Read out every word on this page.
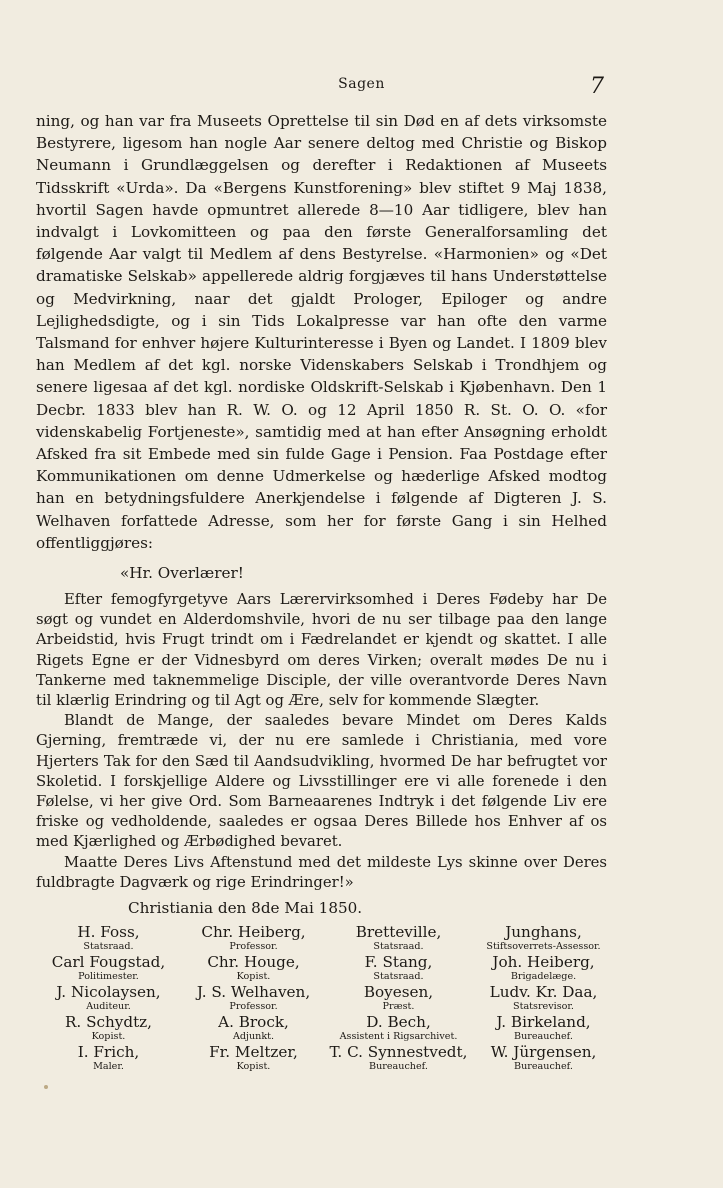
Sagen	7

ning, og han var fra Museets Oprettelse til sin Død en af dets virksomste Bestyrere, ligesom han nogle Aar senere deltog med Christie og Biskop Neumann i Grundlæggelsen og derefter i Redaktionen af Museets Tidsskrift «Urda». Da «Bergens Kunstforening» blev stiftet 9 Maj 1838, hvortil Sagen havde opmuntret allerede 8—10 Aar tidligere, blev han indvalgt i Lovkomitteen og paa den første Generalforsamling det følgende Aar valgt til Medlem af dens Bestyrelse. «Harmonien» og «Det dramatiske Selskab» appellerede aldrig forgjæves til hans Understøttelse og Medvirkning, naar det gjaldt Prologer, Epiloger og andre Lejlighedsdigte, og i sin Tids Lokalpresse var han ofte den varme Talsmand for enhver højere Kulturinteresse i Byen og Landet. I 1809 blev han Medlem af det kgl. norske Videnskabers Selskab i Trondhjem og senere ligesaa af det kgl. nordiske Oldskrift-Selskab i Kjøbenhavn. Den 1 Decbr. 1833 blev han R. W. O. og 12 April 1850 R. St. O. O. «for videnskabelig Fortjeneste», samtidig med at han efter Ansøgning erholdt Afsked fra sit Embede med sin fulde Gage i Pension. Faa Postdage efter Kommunikationen om denne Udmerkelse og hæderlige Afsked modtog han en betydningsfuldere Anerkjendelse i følgende af Digteren J. S. Welhaven forfattede Adresse, som her for første Gang i sin Helhed offentliggjøres:

«Hr. Overlærer!

Efter femogfyrgetyve Aars Lærervirksomhed i Deres Fødeby har De søgt og vundet en Alderdomshvile, hvori de nu ser tilbage paa den lange Arbeidstid, hvis Frugt trindt om i Fædrelandet er kjendt og skattet. I alle Rigets Egne er der Vidnesbyrd om deres Virken; overalt mødes De nu i Tankerne med taknemmelige Disciple, der ville overantvorde Deres Navn til klærlig Erindring og til Agt og Ære, selv for kommende Slægter.

Blandt de Mange, der saaledes bevare Mindet om Deres Kalds Gjerning, fremtræde vi, der nu ere samlede i Christiania, med vore Hjerters Tak for den Sæd til Aandsudvikling, hvormed De har befrugtet vor Skoletid. I forskjellige Aldere og Livsstillinger ere vi alle forenede i den Følelse, vi her give Ord. Som Barneaarenes Indtryk i det følgende Liv ere friske og vedholdende, saaledes er ogsaa Deres Billede hos Enhver af os med Kjærlighed og Ærbødighed bevaret.

Maatte Deres Livs Aftenstund med det mildeste Lys skinne over Deres fuldbragte Dagværk og rige Erindringer!»

Christiania den 8de Mai 1850.
H. Foss,
Statsraad.
Chr. Heiberg,
Professor.
Bretteville,
Statsraad.
Junghans,
Stiftsoverrets-Assessor.
Carl Fougstad,
Politimester.
Chr. Houge,
Kopist.
F. Stang,
Statsraad.
Joh. Heiberg,
Brigadelæge.
J. Nicolaysen,
Auditeur.
J. S. Welhaven,
Professor.
Boyesen,
Præst.
Ludv. Kr. Daa,
Statsrevisor.
R. Schydtz,
Kopist.
A. Brock,
Adjunkt.
D. Bech,
Assistent i Rigsarchivet.
J. Birkeland,
Bureauchef.
I. Frich,
Maler.
Fr. Meltzer,
Kopist.
T. C. Synnestvedt,
Bureauchef.
W. Jürgensen,
Bureauchef.
